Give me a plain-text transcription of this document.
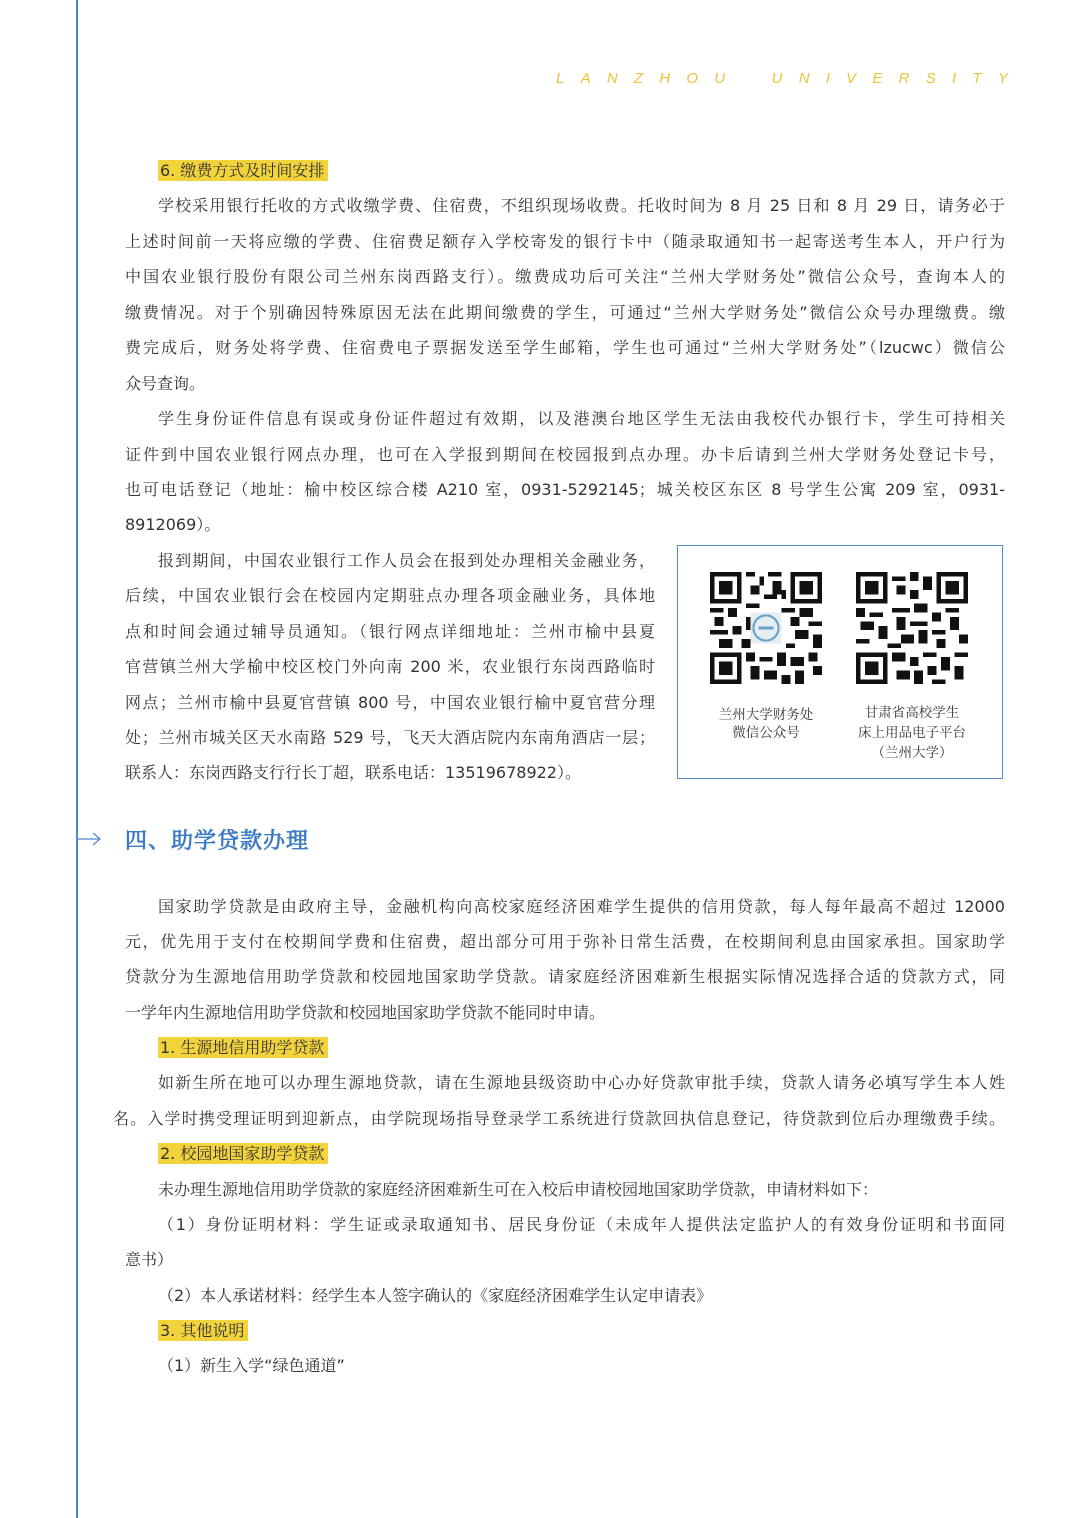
L A N Z H O U	U N I V E R S I T Y
6. 缴费方式及时间安排
学校采用银行托收的方式收缴学费、住宿费，不组织现场收费。托收时间为 8 月 25 日和 8 月 29 日，请务必于
上述时间前一天将应缴的学费、住宿费足额存入学校寄发的银行卡中（随录取通知书一起寄送考生本人，开户行为
中国农业银行股份有限公司兰州东岗西路支行）。缴费成功后可关注“兰州大学财务处”微信公众号，查询本人的
缴费情况。对于个别确因特殊原因无法在此期间缴费的学生，可通过“兰州大学财务处”微信公众号办理缴费。缴
费完成后，财务处将学费、住宿费电子票据发送至学生邮箱，学生也可通过“兰州大学财务处”（lzucwc）微信公
众号查询。
学生身份证件信息有误或身份证件超过有效期，以及港澳台地区学生无法由我校代办银行卡，学生可持相关
证件到中国农业银行网点办理，也可在入学报到期间在校园报到点办理。办卡后请到兰州大学财务处登记卡号，
也可电话登记（地址：榆中校区综合楼 A210 室，0931-5292145；城关校区东区 8 号学生公寓 209 室，0931-
8912069）。
报到期间，中国农业银行工作人员会在报到处办理相关金融业务，
后续，中国农业银行会在校园内定期驻点办理各项金融业务，具体地
点和时间会通过辅导员通知。（银行网点详细地址：兰州市榆中县夏
官营镇兰州大学榆中校区校门外向南 200 米，农业银行东岗西路临时
网点；兰州市榆中县夏官营镇 800 号，中国农业银行榆中夏官营分理
处；兰州市城关区天水南路 529 号，飞天大酒店院内东南角酒店一层；
联系人：东岗西路支行行长丁超，联系电话：13519678922）。
兰州大学财务处
微信公众号
甘肃省高校学生
床上用品电子平台
（兰州大学）
四、助学贷款办理
国家助学贷款是由政府主导，金融机构向高校家庭经济困难学生提供的信用贷款，每人每年最高不超过 12000
元，优先用于支付在校期间学费和住宿费，超出部分可用于弥补日常生活费，在校期间利息由国家承担。国家助学
贷款分为生源地信用助学贷款和校园地国家助学贷款。请家庭经济困难新生根据实际情况选择合适的贷款方式，同
一学年内生源地信用助学贷款和校园地国家助学贷款不能同时申请。
1. 生源地信用助学贷款
如新生所在地可以办理生源地贷款，请在生源地县级资助中心办好贷款审批手续，贷款人请务必填写学生本人姓
名。入学时携受理证明到迎新点，由学院现场指导登录学工系统进行贷款回执信息登记，待贷款到位后办理缴费手续。
2. 校园地国家助学贷款
未办理生源地信用助学贷款的家庭经济困难新生可在入校后申请校园地国家助学贷款，申请材料如下：
（1）身份证明材料：学生证或录取通知书、居民身份证（未成年人提供法定监护人的有效身份证明和书面同
意书）
（2）本人承诺材料：经学生本人签字确认的《家庭经济困难学生认定申请表》
3. 其他说明
（1）新生入学“绿色通道”
